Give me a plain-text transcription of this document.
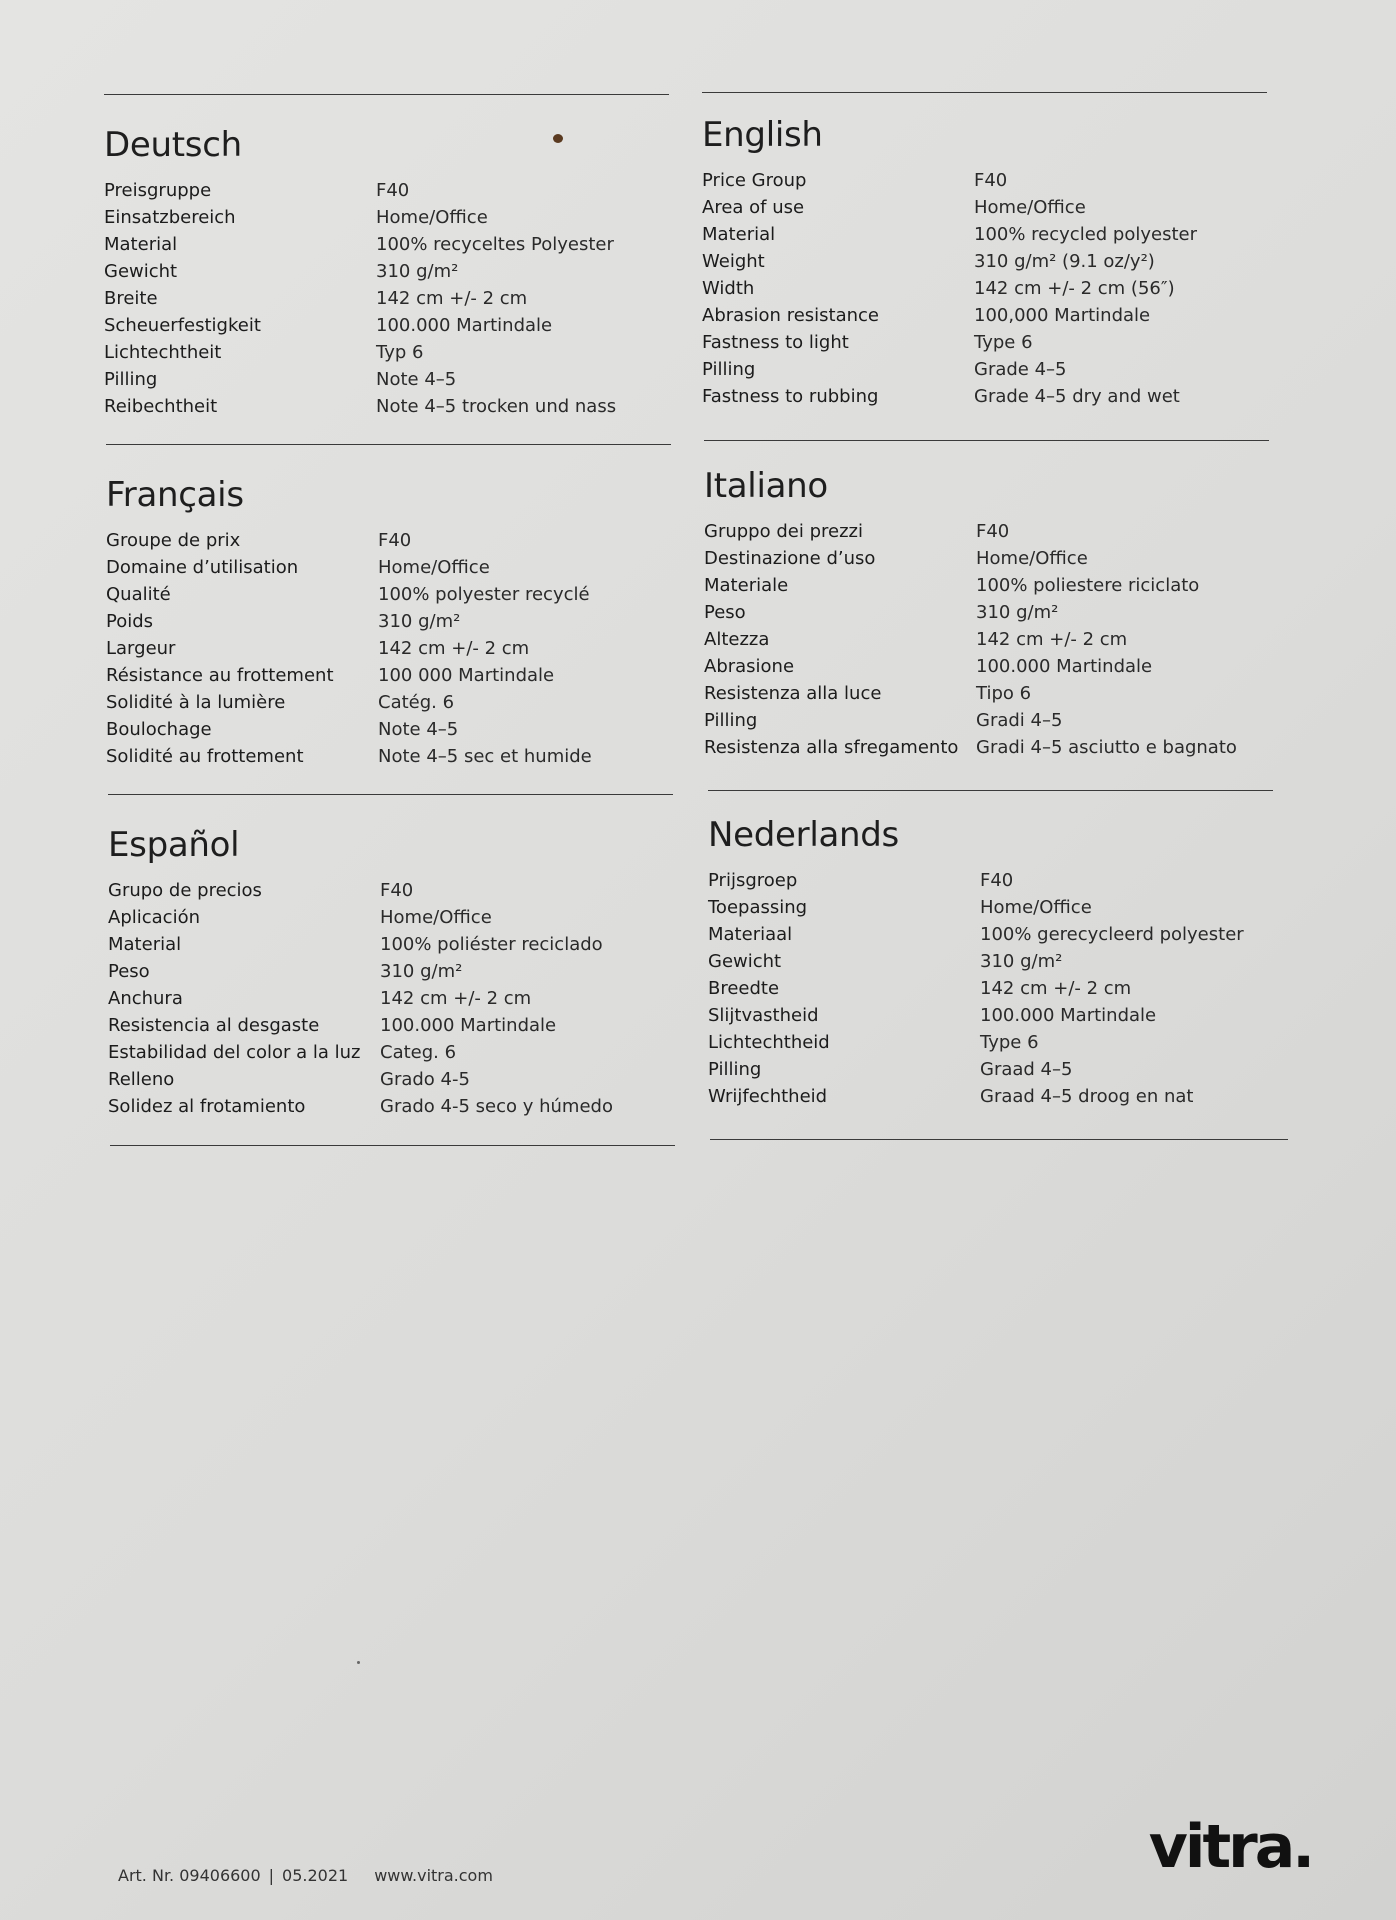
Deutsch
Preisgruppe	F40
Einsatzbereich	Home/Office
Material	100% recyceltes Polyester
Gewicht	310 g/m²
Breite	142 cm +/- 2 cm
Scheuerfestigkeit	100.000 Martindale
Lichtechtheit	Typ 6
Pilling	Note 4–5
Reibechtheit	Note 4–5 trocken und nass
English
Price Group	F40
Area of use	Home/Office
Material	100% recycled polyester
Weight	310 g/m² (9.1 oz/y²)
Width	142 cm +/- 2 cm (56″)
Abrasion resistance	100,000 Martindale
Fastness to light	Type 6
Pilling	Grade 4–5
Fastness to rubbing	Grade 4–5 dry and wet
Français
Groupe de prix	F40
Domaine d’utilisation	Home/Office
Qualité	100% polyester recyclé
Poids	310 g/m²
Largeur	142 cm +/- 2 cm
Résistance au frottement	100 000 Martindale
Solidité à la lumière	Catég. 6
Boulochage	Note 4–5
Solidité au frottement	Note 4–5 sec et humide
Italiano
Gruppo dei prezzi	F40
Destinazione d’uso	Home/Office
Materiale	100% poliestere riciclato
Peso	310 g/m²
Altezza	142 cm +/- 2 cm
Abrasione	100.000 Martindale
Resistenza alla luce	Tipo 6
Pilling	Gradi 4–5
Resistenza alla sfregamento Gradi 4–5 asciutto e bagnato
Español
Grupo de precios	F40
Aplicación	Home/Office
Material	100% poliéster reciclado
Peso	310 g/m²
Anchura	142 cm +/- 2 cm
Resistencia al desgaste	100.000 Martindale
Estabilidad del color a la luz	Categ. 6
Relleno	Grado 4-5
Solidez al frotamiento	Grado 4-5 seco y húmedo
Nederlands
Prijsgroep	F40
Toepassing	Home/Office
Materiaal	100% gerecycleerd polyester
Gewicht	310 g/m²
Breedte	142 cm +/- 2 cm
Slijtvastheid	100.000 Martindale
Lichtechtheid	Type 6
Pilling	Graad 4–5
Wrijfechtheid	Graad 4–5 droog en nat
Art. Nr. 09406600 | 05.2021 www.vitra.com	vitra.
